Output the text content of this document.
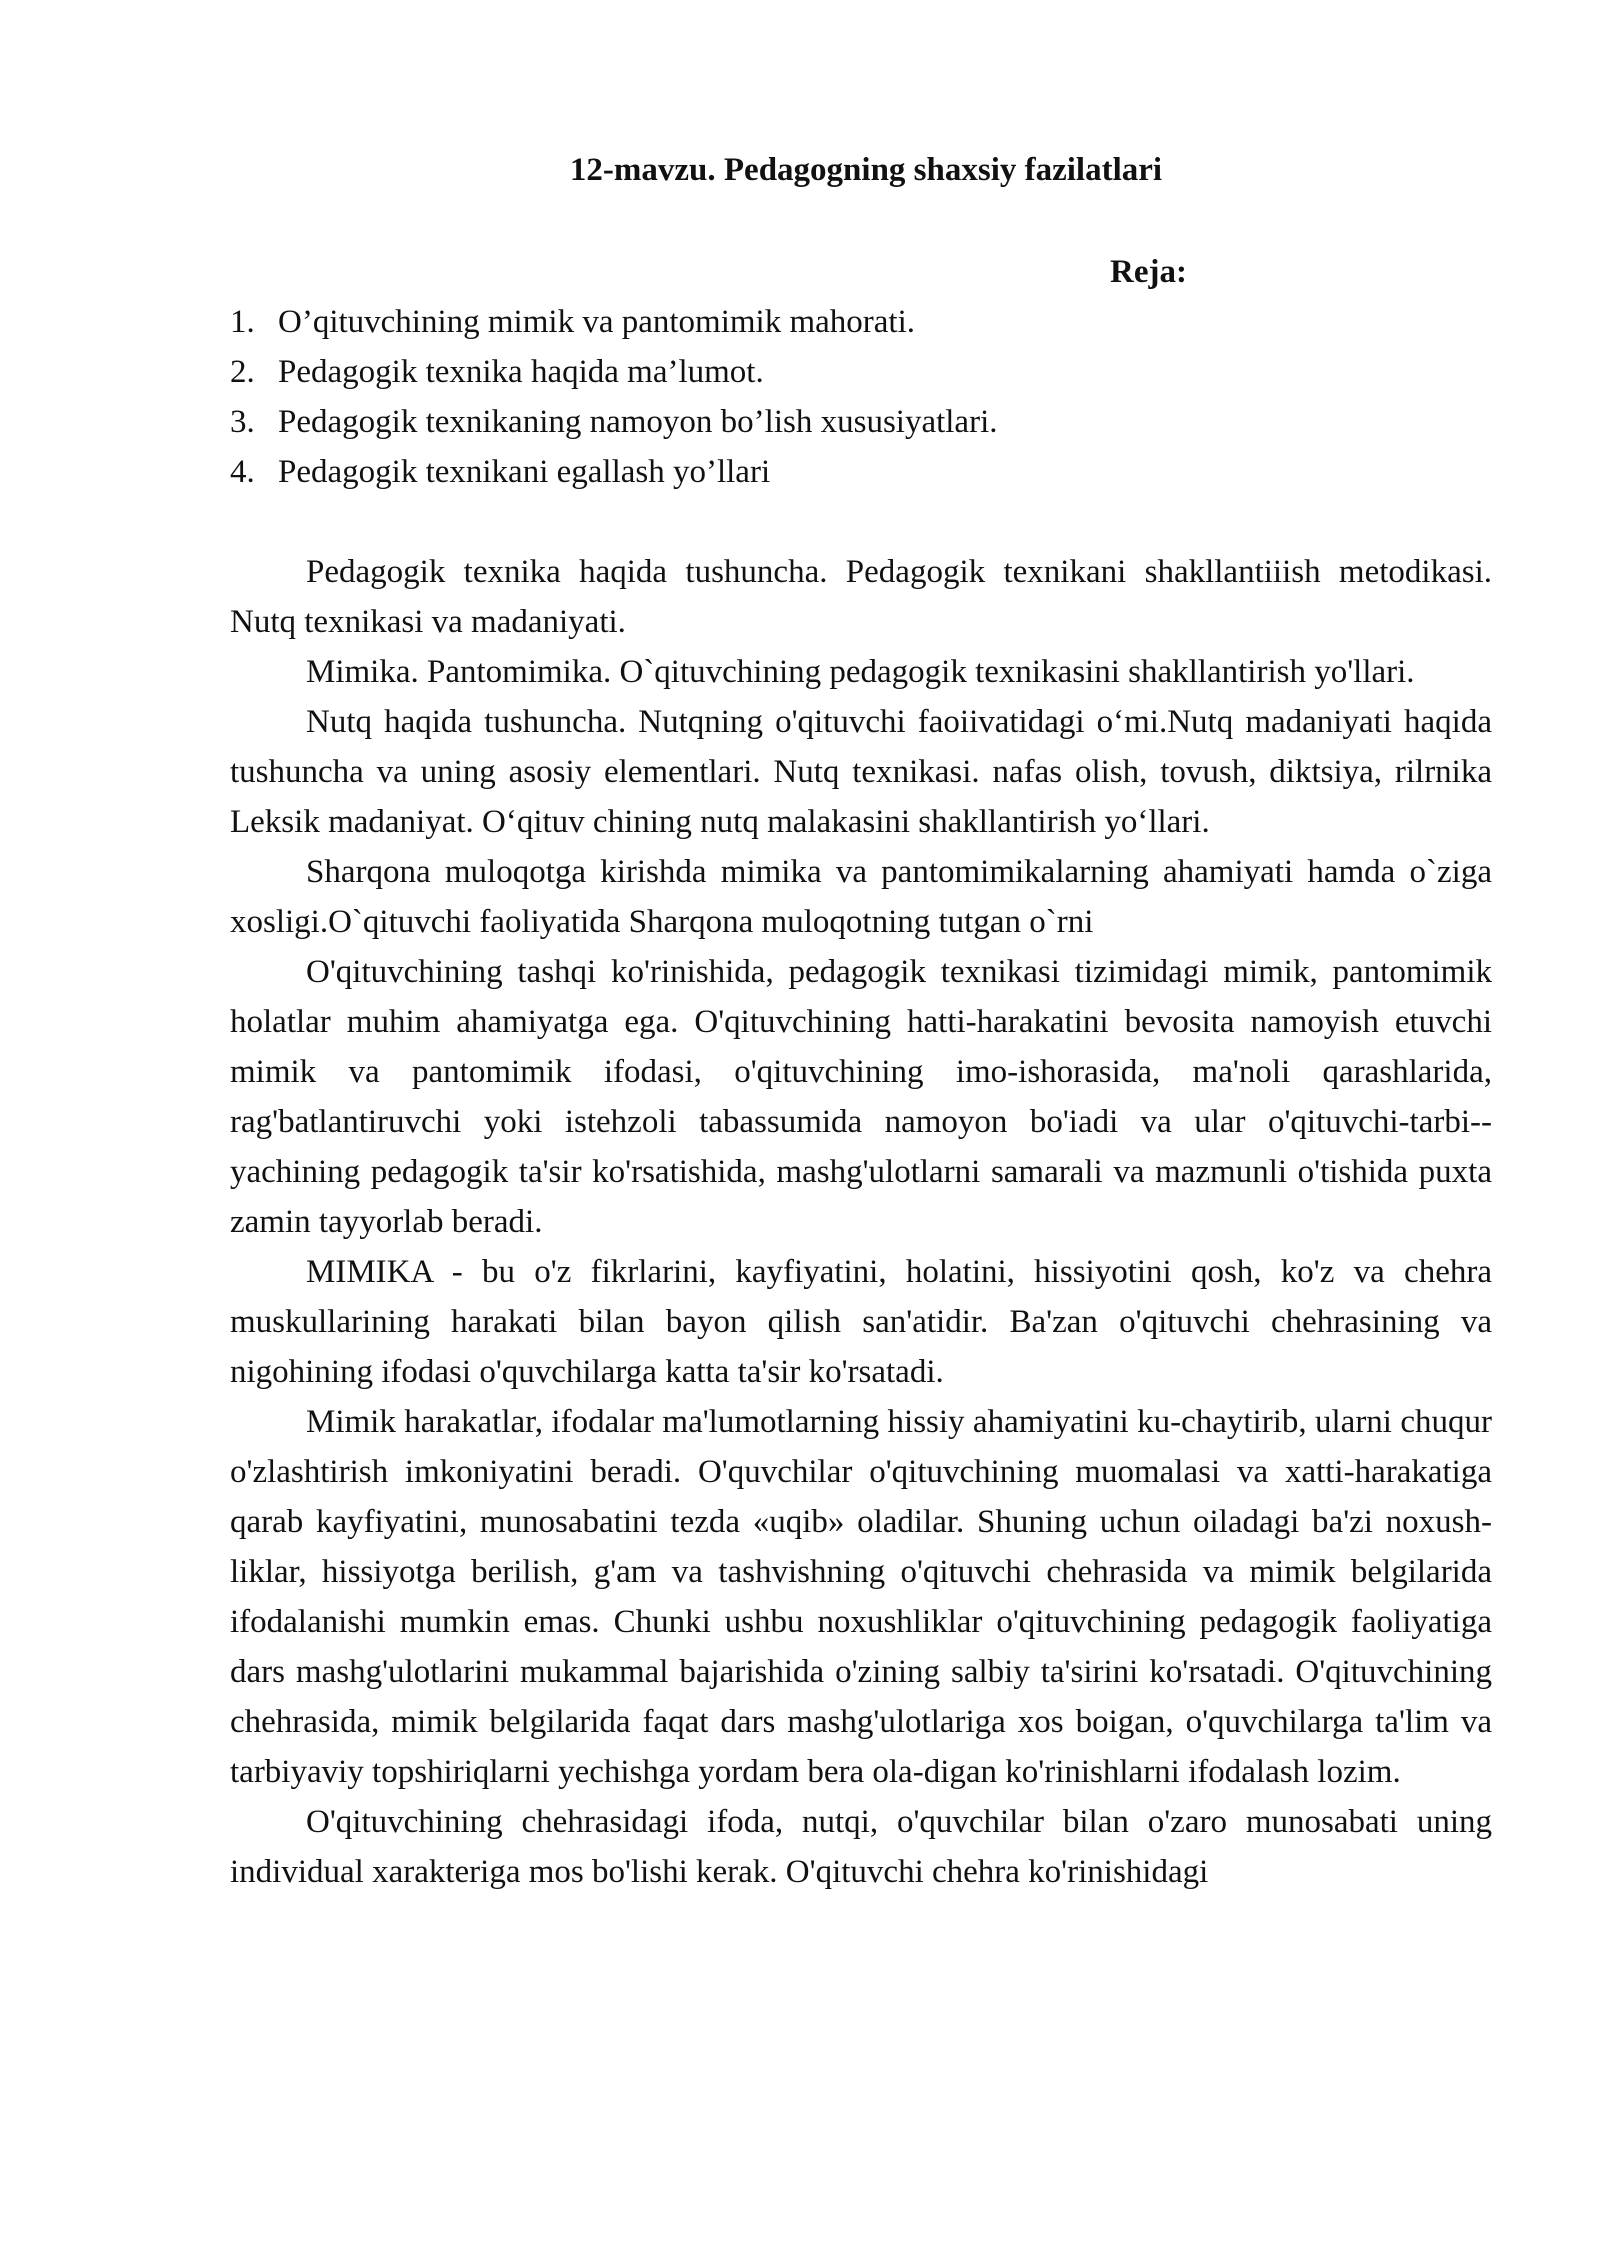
12-mavzu. Pedagogning shaxsiy fazilatlari

Reja:

1. O’qituvchining mimik va pantomimik mahorati.
2. Pedagogik texnika haqida ma’lumot.
3. Pedagogik texnikaning namoyon bo’lish xususiyatlari.
4. Pedagogik texnikani egallash yo’llari

Pedagogik texnika haqida tushuncha. Pedagogik texnikani shakllantiiish metodikasi. Nutq texnikasi va madaniyati.

Mimika. Pantomimika. O`qituvchining pedagogik texnikasini shakllantirish yo'llari.

Nutq haqida tushuncha. Nutqning o'qituvchi faoiivatidagi o‘mi.Nutq madaniyati haqida tushuncha va uning asosiy elementlari. Nutq texnikasi. nafas olish, tovush, diktsiya, rilrnika Leksik madaniyat. O‘qituv chining nutq malakasini shakllantirish yo‘llari.

Sharqona muloqotga kirishda mimika va pantomimikalarning ahamiyati hamda o`ziga xosligi.O`qituvchi faoliyatida Sharqona muloqotning tutgan o`rni

O'qituvchining tashqi ko'rinishida, pedagogik texnikasi tizimidagi mimik, pantomimik holatlar muhim ahamiyatga ega. O'qituvchining hatti-harakatini bevosita namoyish etuvchi mimik va pantomimik ifodasi, o'qituvchining imo-ishorasida, ma'noli qarashlarida, rag'batlantiruvchi yoki istehzoli tabassumida namoyon bo'iadi va ular o'qituvchi-tarbi--yachining pedagogik ta'sir ko'rsatishida, mashg'ulotlarni samarali va mazmunli o'tishida puxta zamin tayyorlab beradi.

MIMIKA - bu o'z fikrlarini, kayfiyatini, holatini, hissiyotini qosh, ko'z va chehra muskullarining harakati bilan bayon qilish san'atidir. Ba'zan o'qituvchi chehrasining va nigohining ifodasi o'quvchilarga katta ta'sir ko'rsatadi.

Mimik harakatlar, ifodalar ma'lumotlarning hissiy ahamiyatini ku-chaytirib, ularni chuqur o'zlashtirish imkoniyatini beradi. O'quvchilar o'qituvchining muomalasi va xatti-harakatiga qarab kayfiyatini, munosabatini tezda «uqib» oladilar. Shuning uchun oiladagi ba'zi noxush-liklar, hissiyotga berilish, g'am va tashvishning o'qituvchi chehrasida va mimik belgilarida ifodalanishi mumkin emas. Chunki ushbu noxushliklar o'qituvchining pedagogik faoliyatiga dars mashg'ulotlarini mukammal bajarishida o'zining salbiy ta'sirini ko'rsatadi. O'qituvchining chehrasida, mimik belgilarida faqat dars mashg'ulotlariga xos boigan, o'quvchilarga ta'lim va tarbiyaviy topshiriqlarni yechishga yordam bera ola-digan ko'rinishlarni ifodalash lozim.

O'qituvchining chehrasidagi ifoda, nutqi, o'quvchilar bilan o'zaro munosabati uning individual xarakteriga mos bo'lishi kerak. O'qituvchi chehra ko'rinishidagi
